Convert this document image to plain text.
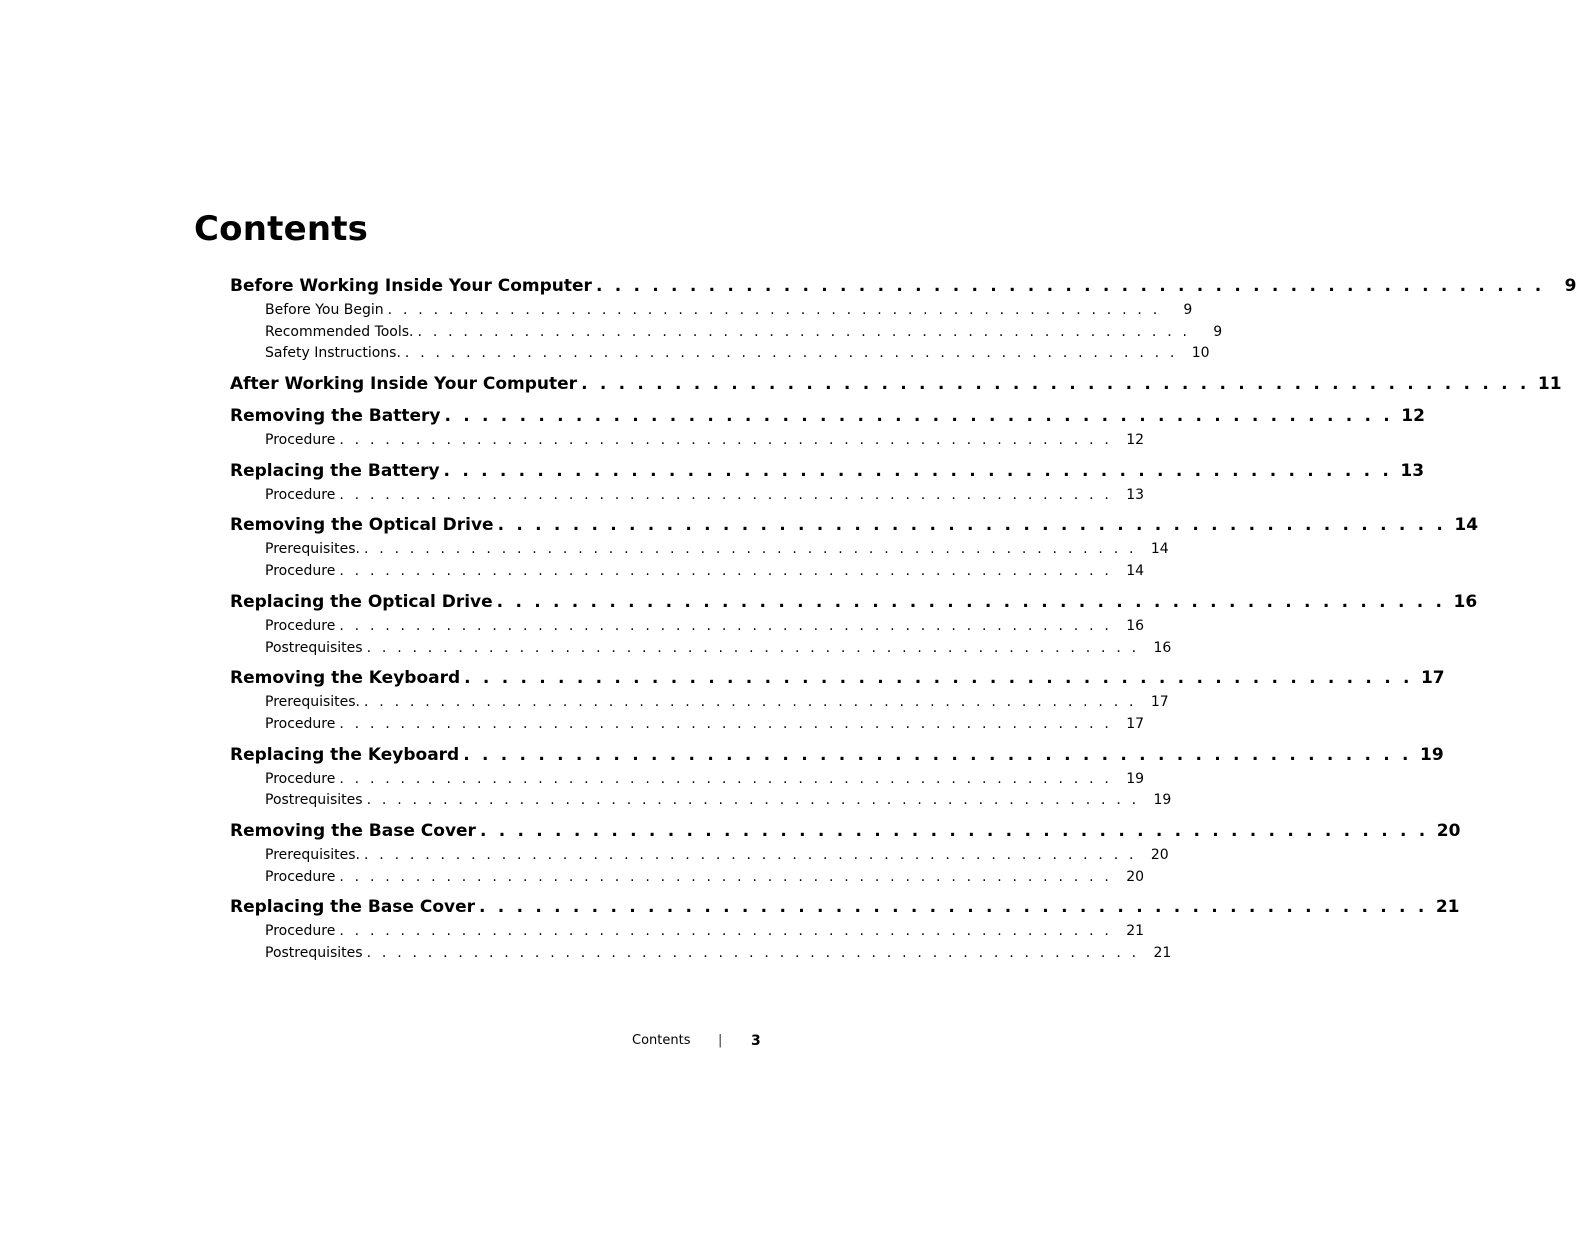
Contents
Before Working Inside Your Computer . . . . . . . . . . . . . . . . . . . . . . . . . . . . . . . . . . . . . . . . . . . . . . . . . . .	9
Before You Begin . . . . . . . . . . . . . . . . . . . . . . . . . . . . . . . . . . . . . . . . . . . . . . . . . . .	9
Recommended Tools. . . . . . . . . . . . . . . . . . . . . . . . . . . . . . . . . . . . . . . . . . . . . . . . . . . .	9
Safety Instructions. . . . . . . . . . . . . . . . . . . . . . . . . . . . . . . . . . . . . . . . . . . . . . . . . . . .	10
After Working Inside Your Computer . . . . . . . . . . . . . . . . . . . . . . . . . . . . . . . . . . . . . . . . . . . . . . . . . . . 11
Removing the Battery . . . . . . . . . . . . . . . . . . . . . . . . . . . . . . . . . . . . . . . . . . . . . . . . . . . 12
Procedure . . . . . . . . . . . . . . . . . . . . . . . . . . . . . . . . . . . . . . . . . . . . . . . . . . .	12
Replacing the Battery . . . . . . . . . . . . . . . . . . . . . . . . . . . . . . . . . . . . . . . . . . . . . . . . . . . 13
Procedure . . . . . . . . . . . . . . . . . . . . . . . . . . . . . . . . . . . . . . . . . . . . . . . . . . .	13
Removing the Optical Drive . . . . . . . . . . . . . . . . . . . . . . . . . . . . . . . . . . . . . . . . . . . . . . . . . . . 14
Prerequisites. . . . . . . . . . . . . . . . . . . . . . . . . . . . . . . . . . . . . . . . . . . . . . . . . . . .	14
Procedure . . . . . . . . . . . . . . . . . . . . . . . . . . . . . . . . . . . . . . . . . . . . . . . . . . .	14
Replacing the Optical Drive . . . . . . . . . . . . . . . . . . . . . . . . . . . . . . . . . . . . . . . . . . . . . . . . . . . 16
Procedure . . . . . . . . . . . . . . . . . . . . . . . . . . . . . . . . . . . . . . . . . . . . . . . . . . .	16
Postrequisites . . . . . . . . . . . . . . . . . . . . . . . . . . . . . . . . . . . . . . . . . . . . . . . . . . .	16
Removing the Keyboard . . . . . . . . . . . . . . . . . . . . . . . . . . . . . . . . . . . . . . . . . . . . . . . . . . . 17
Prerequisites. . . . . . . . . . . . . . . . . . . . . . . . . . . . . . . . . . . . . . . . . . . . . . . . . . . .	17
Procedure . . . . . . . . . . . . . . . . . . . . . . . . . . . . . . . . . . . . . . . . . . . . . . . . . . .	17
Replacing the Keyboard . . . . . . . . . . . . . . . . . . . . . . . . . . . . . . . . . . . . . . . . . . . . . . . . . . . 19
Procedure . . . . . . . . . . . . . . . . . . . . . . . . . . . . . . . . . . . . . . . . . . . . . . . . . . .	19
Postrequisites . . . . . . . . . . . . . . . . . . . . . . . . . . . . . . . . . . . . . . . . . . . . . . . . . . .	19
Removing the Base Cover . . . . . . . . . . . . . . . . . . . . . . . . . . . . . . . . . . . . . . . . . . . . . . . . . . . 20
Prerequisites. . . . . . . . . . . . . . . . . . . . . . . . . . . . . . . . . . . . . . . . . . . . . . . . . . . .	20
Procedure . . . . . . . . . . . . . . . . . . . . . . . . . . . . . . . . . . . . . . . . . . . . . . . . . . .	20
Replacing the Base Cover . . . . . . . . . . . . . . . . . . . . . . . . . . . . . . . . . . . . . . . . . . . . . . . . . . . 21
Procedure . . . . . . . . . . . . . . . . . . . . . . . . . . . . . . . . . . . . . . . . . . . . . . . . . . .	21
Postrequisites . . . . . . . . . . . . . . . . . . . . . . . . . . . . . . . . . . . . . . . . . . . . . . . . . . .	21
Contents | 3
